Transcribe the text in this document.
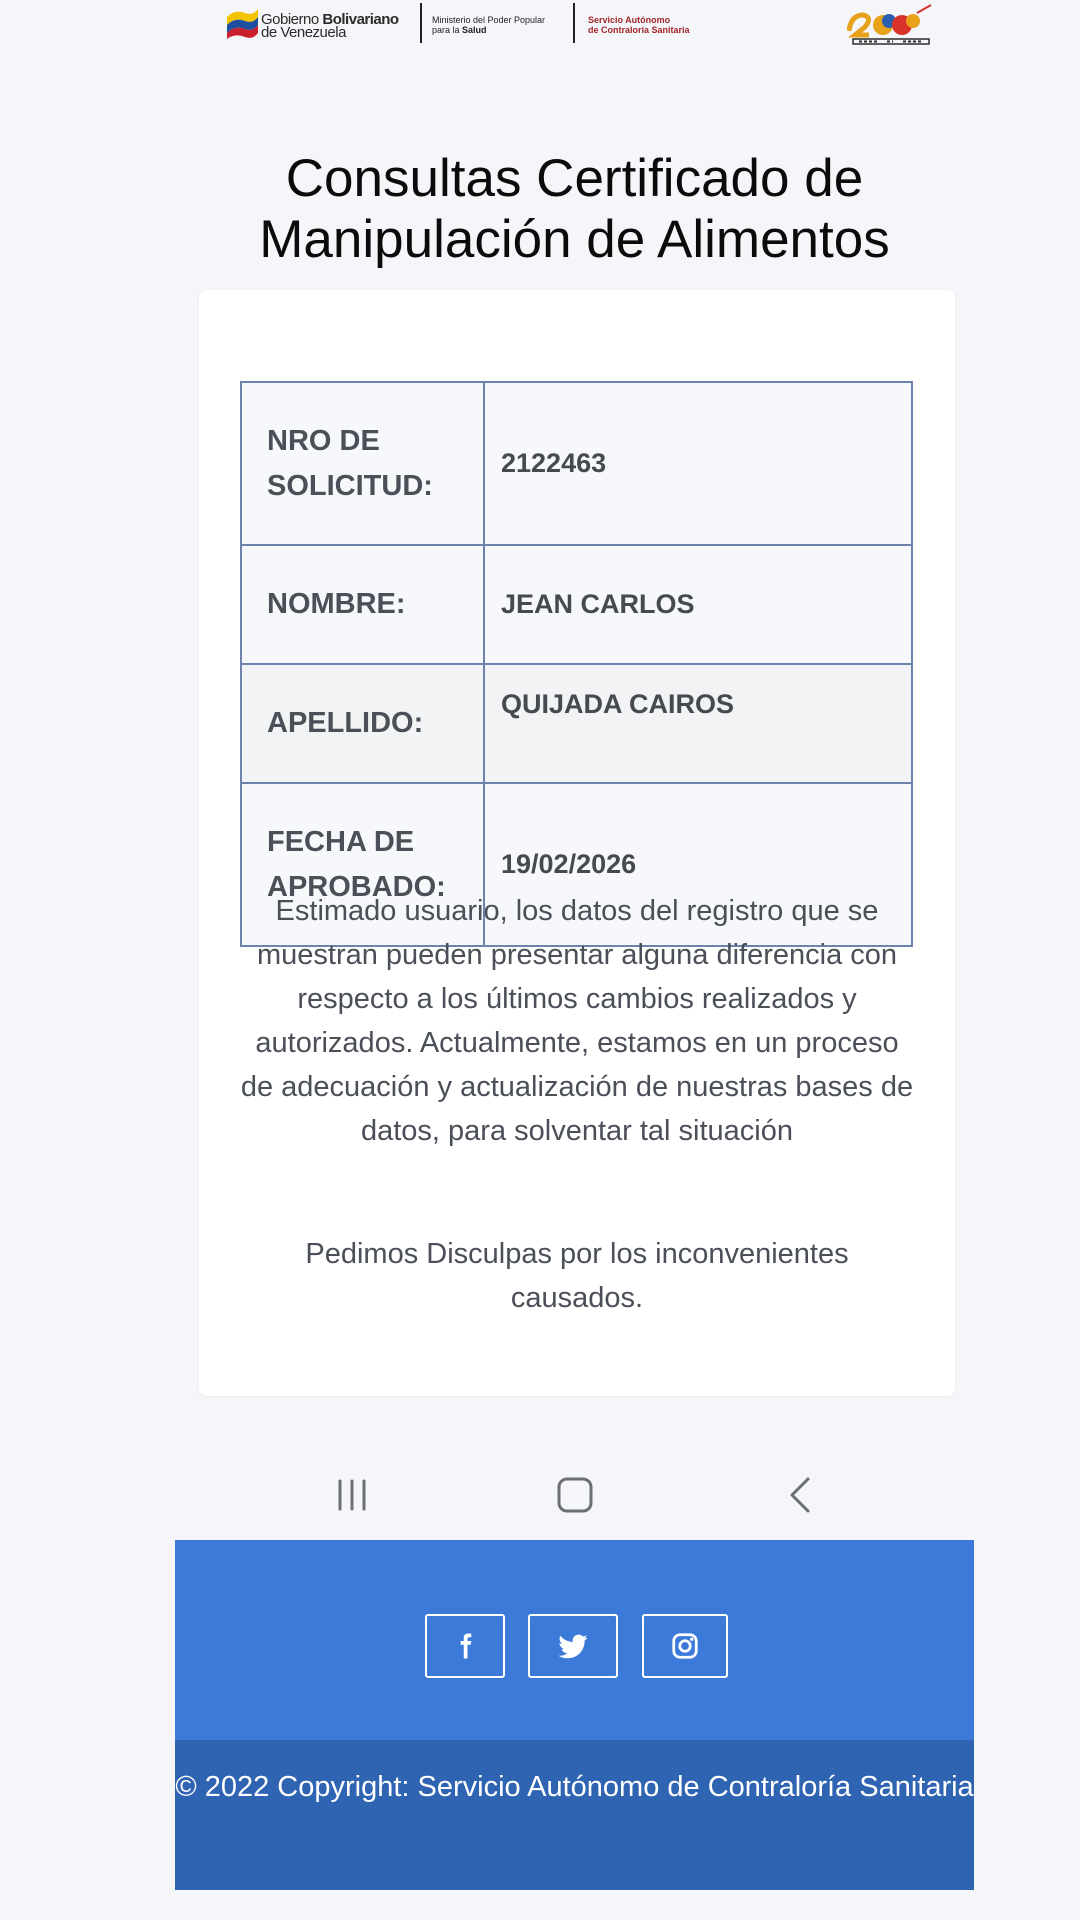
Gobierno Bolivariano
de Venezuela
Ministerio del Poder Popular
para la Salud
Servicio Autónomo
de Contraloría Sanitaria
Consultas Certificado de
Manipulación de Alimentos
NRO DE SOLICITUD:	2122463
NOMBRE:	JEAN CARLOS
APELLIDO:	QUIJADA CAIROS
FECHA DE APROBADO:	19/02/2026

Estimado usuario, los datos del registro que se muestran pueden presentar alguna diferencia con respecto a los últimos cambios realizados y autorizados. Actualmente, estamos en un proceso de adecuación y actualización de nuestras bases de datos, para solventar tal situación

Pedimos Disculpas por los inconvenientes causados.

© 2022 Copyright: Servicio Autónomo de Contraloría Sanitaria
